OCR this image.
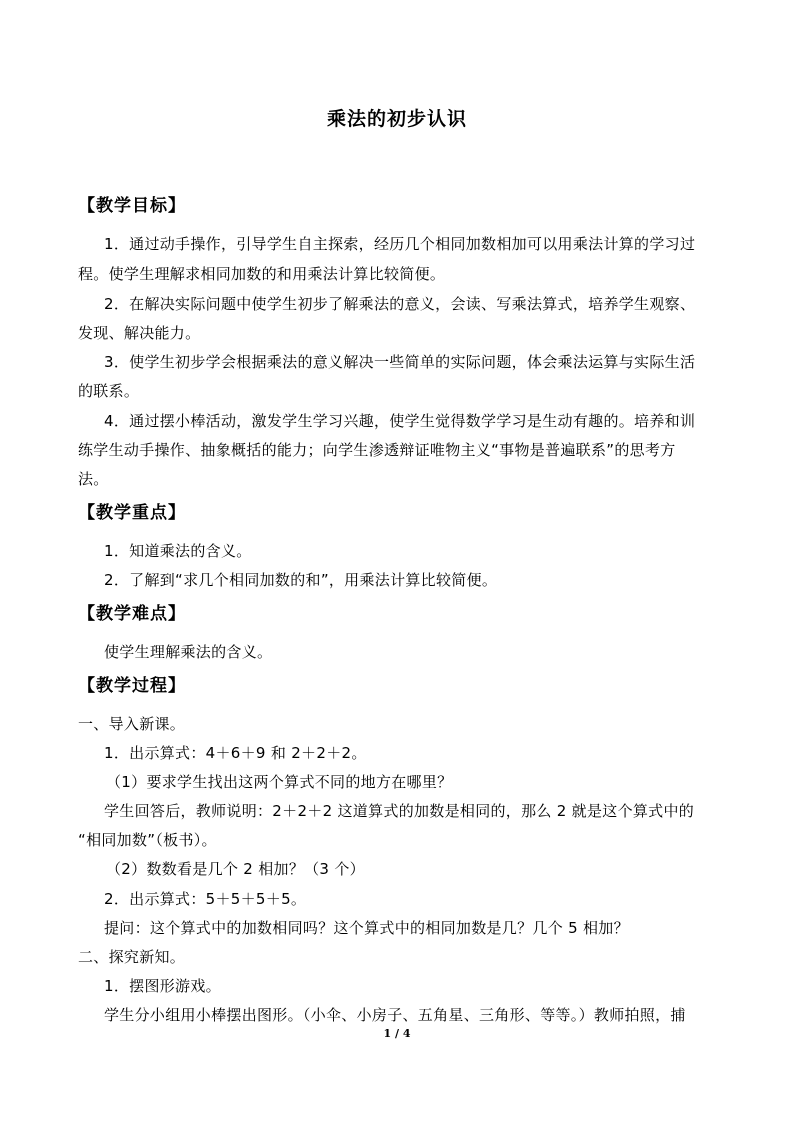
乘法的初步认识
【教学目标】
1．通过动手操作，引导学生自主探索，经历几个相同加数相加可以用乘法计算的学习过
程。使学生理解求相同加数的和用乘法计算比较简便。
2．在解决实际问题中使学生初步了解乘法的意义，会读、写乘法算式，培养学生观察、
发现、解决能力。
3．使学生初步学会根据乘法的意义解决一些简单的实际问题，体会乘法运算与实际生活
的联系。
4．通过摆小棒活动，激发学生学习兴趣，使学生觉得数学学习是生动有趣的。培养和训
练学生动手操作、抽象概括的能力；向学生渗透辩证唯物主义“事物是普遍联系”的思考方
法。
【教学重点】
1．知道乘法的含义。
2．了解到“求几个相同加数的和”，用乘法计算比较简便。
【教学难点】
使学生理解乘法的含义。
【教学过程】
一、导入新课。
1．出示算式：4＋6＋9 和 2＋2＋2。
（1）要求学生找出这两个算式不同的地方在哪里？
学生回答后，教师说明：2＋2＋2 这道算式的加数是相同的，那么 2 就是这个算式中的
“相同加数”（板书）。
（2）数数看是几个 2 相加？（3 个）
2．出示算式：5＋5＋5＋5。
提问：这个算式中的加数相同吗？这个算式中的相同加数是几？几个 5 相加？
二、探究新知。
1．摆图形游戏。
学生分小组用小棒摆出图形。（小伞、小房子、五角星、三角形、等等。）教师拍照，捕
1 / 4
